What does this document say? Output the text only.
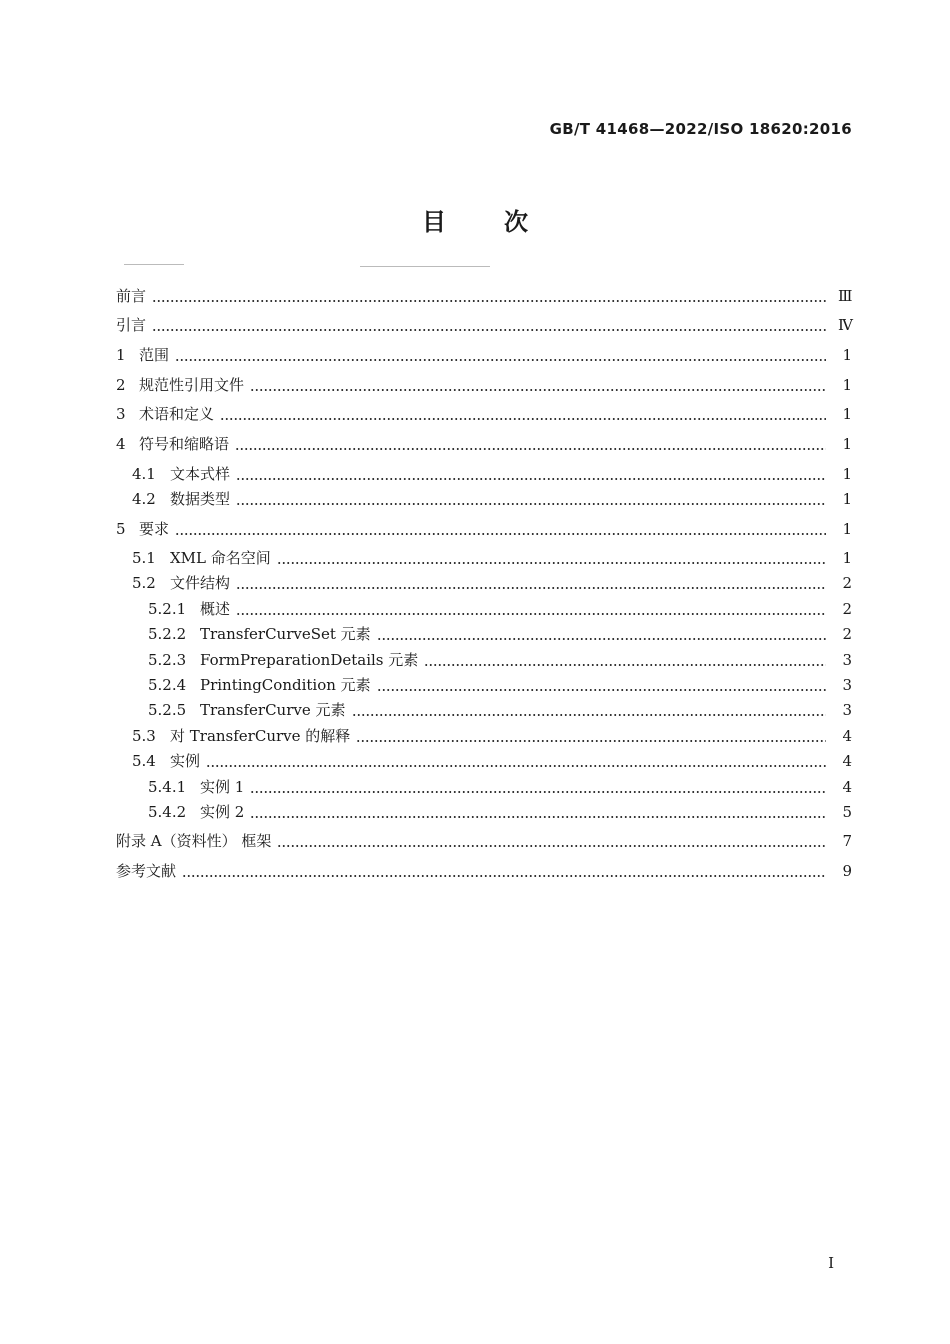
GB/T 41468—2022/ISO 18620:2016
目 次
前言	Ⅲ
引言	Ⅳ
1 范围	1
2 规范性引用文件	1
3 术语和定义	1
4 符号和缩略语	1
4.1 文本式样	1
4.2 数据类型	1
5 要求	1
5.1 XML 命名空间	1
5.2 文件结构	2
5.2.1 概述	2
5.2.2 TransferCurveSet 元素	2
5.2.3 FormPreparationDetails 元素	3
5.2.4 PrintingCondition 元素	3
5.2.5 TransferCurve 元素	3
5.3 对 TransferCurve 的解释	4
5.4 实例	4
5.4.1 实例 1	4
5.4.2 实例 2	5
附录 A（资料性） 框架	7
参考文献	9
I
